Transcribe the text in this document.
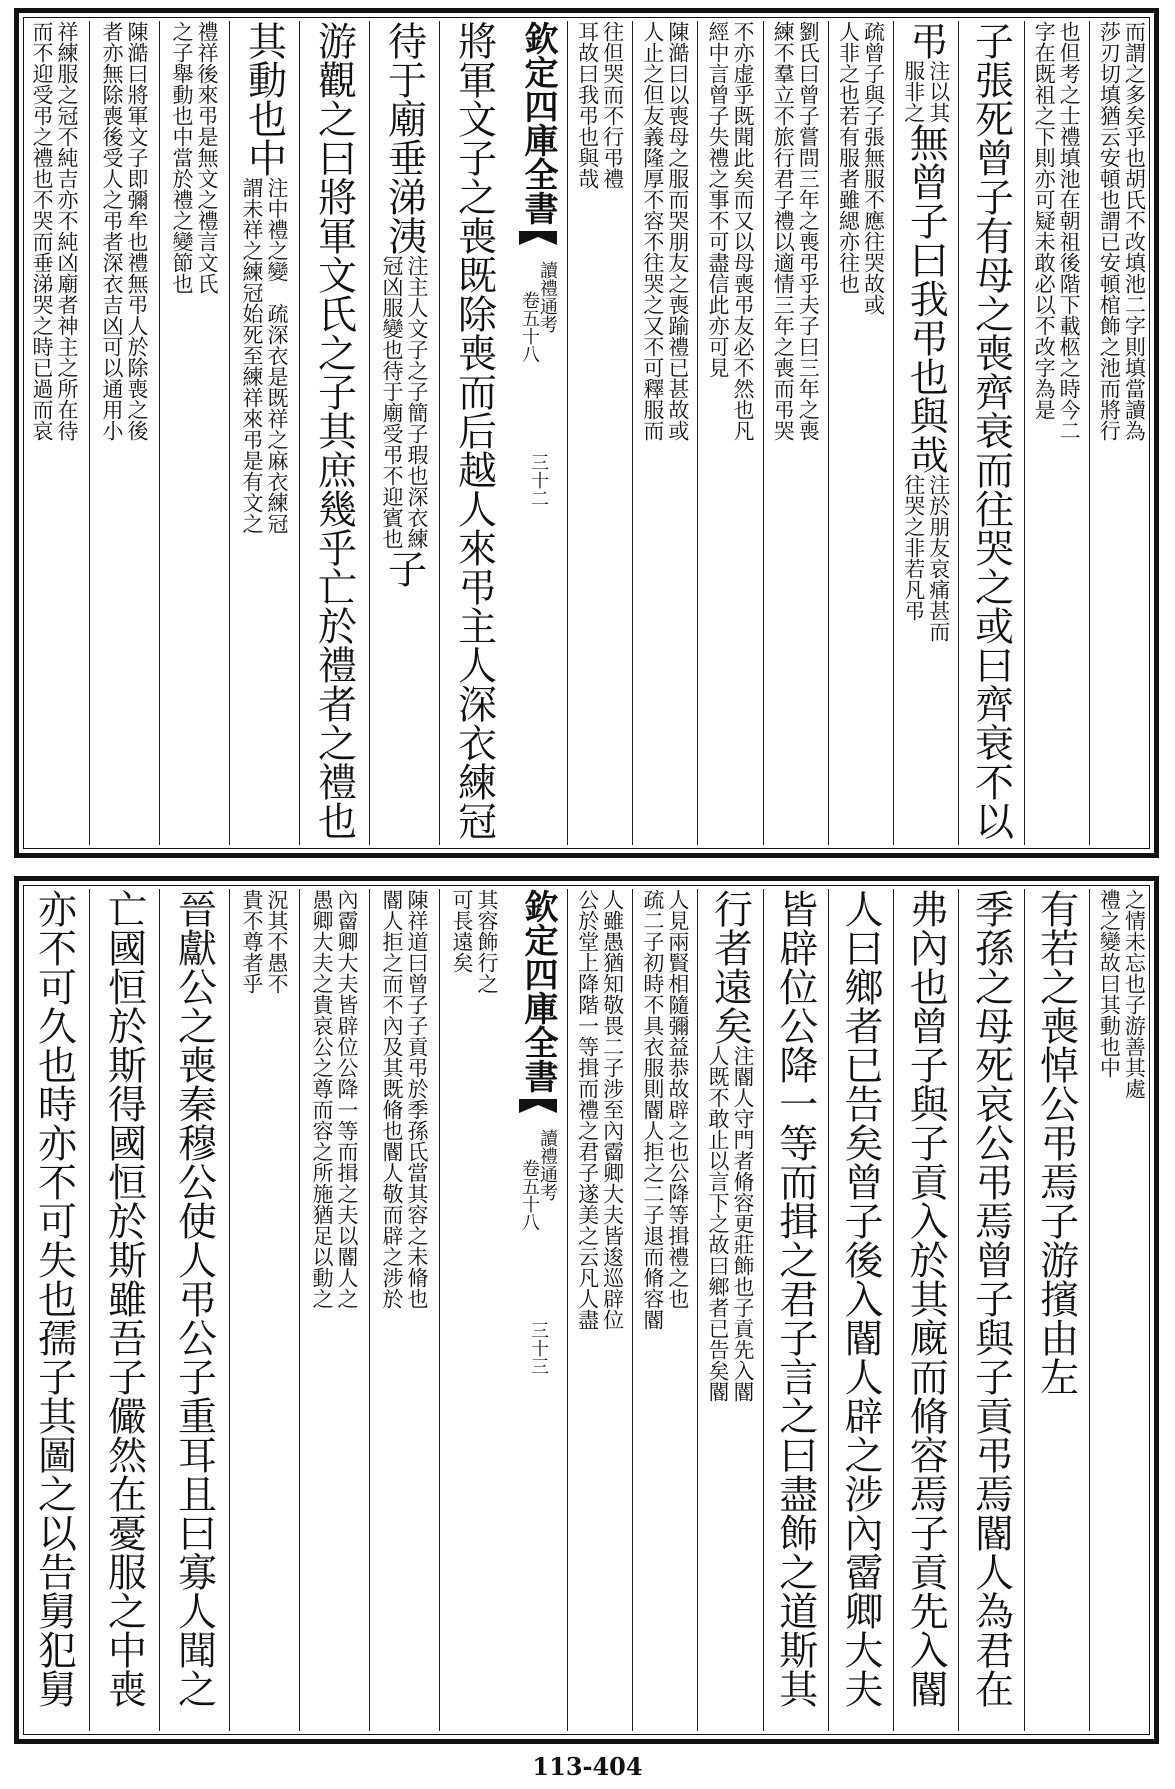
而謂之多矣乎也胡氏不改填池二字則填當讀為
莎刃切填猶云安頓也謂已安頓棺飾之池而將行
也但考之士禮填池在朝祖後階下載柩之時今二
字在既祖之下則亦可疑未敢必以不改字為是
子張死曾子有母之喪齊衰而往哭之或曰齊衰不以
弔
注以其
服非之
無曾子曰我弔也與哉
注於朋友哀痛甚而
往哭之非若凡弔
疏曾子與子張無服不應往哭故或
人非之也若有服者雖緦亦往也
劉氏曰曾子嘗問三年之喪弔乎夫子曰三年之喪
練不羣立不旅行君子禮以適情三年之喪而弔哭
不亦虚乎既聞此矣而又以母喪弔友必不然也凡
經中言曾子失禮之事不可盡信此亦可見
陳澔曰以喪母之服而哭朋友之喪踰禮已甚故或
人止之但友義隆厚不容不往哭之又不可釋服而
往但哭而不行弔禮
耳故曰我弔也與哉
將軍文子之喪既除喪而后越人來弔主人深衣練冠
待于廟垂涕洟
注主人文子之子簡子瑕也深衣練
冠凶服變也待于廟受弔不迎賓也
子
游觀之曰將軍文氏之子其庶幾乎亡於禮者之禮也
其動也中
注中禮之變
謂未祥之練冠
疏深衣是既祥之麻衣練冠
始死至練祥來弔是有文之
禮祥後來弔是無文之禮言文氏
之子舉動也中當於禮之變節也
陳澔曰將軍文子即彌牟也禮無弔人於除喪之後
者亦無除喪後受人之弔者深衣吉凶可以通用小
祥練服之冠不純吉亦不純凶廟者神主之所在待
而不迎受弔之禮也不哭而垂涕哭之時已過而哀	欽定四庫全書
讀禮通考
卷五十八
三十二
之情未忘也子游善其處
禮之變故曰其動也中
有若之喪悼公弔焉子游擯由左
季孫之母死哀公弔焉曾子與子貢弔焉閽人為君在
弗內也曾子與子貢入於其廐而脩容焉子貢先入閽
人曰鄉者已告矣曾子後入閽人辟之涉內霤卿大夫
皆辟位公降一等而揖之君子言之曰盡飾之道斯其
行者遠矣
注閽人守門者脩容更莊飾也子貢先入閽
人既不敢止以言下之故曰鄉者已告矣閽
人見兩賢相隨彌益恭故辟之也公降等揖禮之也
疏二子初時不具衣服則閽人拒之二子退而脩容閽
人雖愚猶知敬畏二子涉至內霤卿大夫皆逡巡辟位
公於堂上降階一等揖而禮之君子遂美之云凡人盡
其容飾行之
可長遠矣
陳祥道曰曾子子貢弔於季孫氏當其容之未脩也
閽人拒之而不內及其既脩也閽人敬而辟之涉於
內霤卿大夫皆辟位公降一等而揖之夫以閽人之
愚卿大夫之貴哀公之尊而容之所施猶足以動之
況其不愚不
貴不尊者乎
晉獻公之喪秦穆公使人弔公子重耳且曰寡人聞之
亡國恒於斯得國恒於斯雖吾子儼然在憂服之中喪
亦不可久也時亦不可失也孺子其圖之以告舅犯舅	欽定四庫全書
讀禮通考
卷五十八
三十三
113-404
